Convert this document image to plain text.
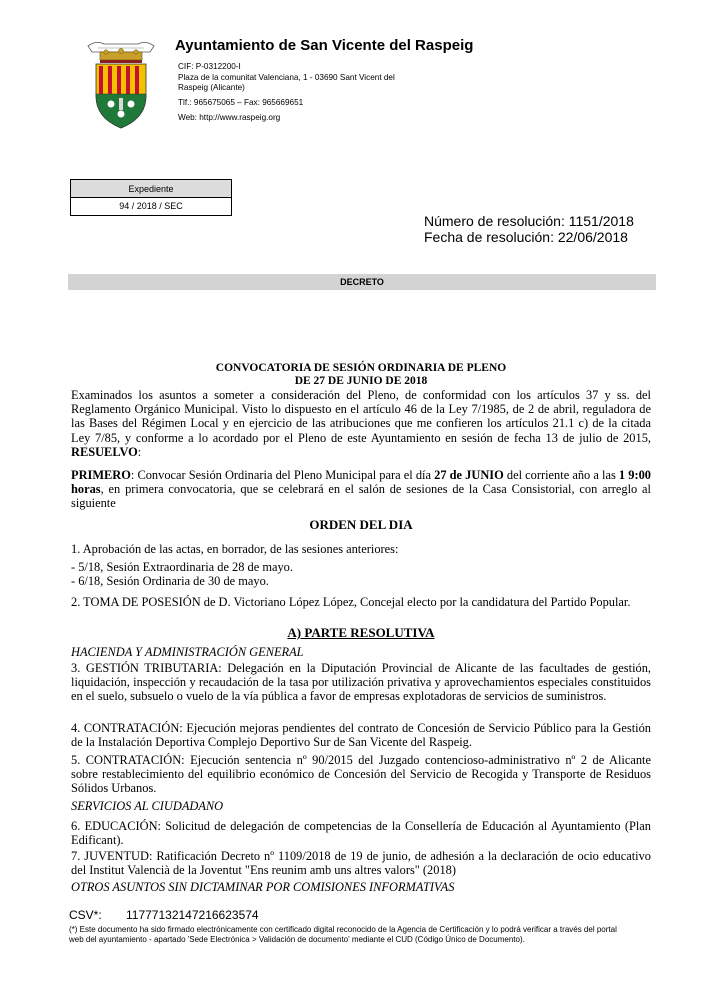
Ayuntamiento de San Vicente del Raspeig
CIF: P-0312200-I
Plaza de la comunitat Valenciana, 1 - 03690 Sant Vicent del
Raspeig (Alicante)
Tlf.: 965675065 – Fax: 965669651
Web: http://www.raspeig.org
Expediente
94 / 2018 / SEC
Número de resolución: 1151/2018
Fecha de resolución: 22/06/2018
DECRETO
CONVOCATORIA DE SESIÓN ORDINARIA DE PLENO
DE 27 DE JUNIO DE 2018
Examinados los asuntos a someter a consideración del Pleno, de conformidad con los artículos 37 y ss. del Reglamento Orgánico Municipal. Visto lo dispuesto en el artículo 46 de la Ley 7/1985, de 2 de abril, reguladora de las Bases del Régimen Local y en ejercicio de las atribuciones que me confieren los artículos 21.1 c) de la citada Ley 7/85, y conforme a lo acordado por el Pleno de este Ayuntamiento en sesión de fecha 13 de julio de 2015, RESUELVO:
PRIMERO: Convocar Sesión Ordinaria del Pleno Municipal para el día 27 de JUNIO del corriente año a las 1 9:00 horas, en primera convocatoria, que se celebrará en el salón de sesiones de la Casa Consistorial, con arreglo al siguiente
ORDEN DEL DIA
1. Aprobación de las actas, en borrador, de las sesiones anteriores:
- 5/18, Sesión Extraordinaria de 28 de mayo.
- 6/18, Sesión Ordinaria de 30 de mayo.
2. TOMA DE POSESIÓN de D. Victoriano López López, Concejal electo por la candidatura del Partido Popular.
A) PARTE RESOLUTIVA
HACIENDA Y ADMINISTRACIÓN GENERAL
3. GESTIÓN TRIBUTARIA: Delegación en la Diputación Provincial de Alicante de las facultades de gestión, liquidación, inspección y recaudación de la tasa por utilización privativa y aprovechamientos especiales constituidos en el suelo, subsuelo o vuelo de la vía pública a favor de empresas explotadoras de servicios de suministros.
4. CONTRATACIÓN: Ejecución mejoras pendientes del contrato de Concesión de Servicio Público para la Gestión de la Instalación Deportiva Complejo Deportivo Sur de San Vicente del Raspeig.
5. CONTRATACIÓN: Ejecución sentencia nº 90/2015 del Juzgado contencioso-administrativo nº 2 de Alicante sobre restablecimiento del equilibrio económico de Concesión del Servicio de Recogida y Transporte de Residuos Sólidos Urbanos.
SERVICIOS AL CIUDADANO
6. EDUCACIÓN: Solicitud de delegación de competencias de la Consellería de Educación al Ayuntamiento (Plan Edificant).
7. JUVENTUD: Ratificación Decreto nº 1109/2018 de 19 de junio, de adhesión a la declaración de ocio educativo del Institut Valencià de la Joventut "Ens reunim amb uns altres valors" (2018)
OTROS ASUNTOS SIN DICTAMINAR POR COMISIONES INFORMATIVAS
CSV*: 11777132147216623574
(*) Este documento ha sido firmado electrónicamente con certificado digital reconocido de la Agencia de Certificación y lo podrá verificar a través del portal
web del ayuntamiento - apartado 'Sede Electrónica > Validación de documento' mediante el CUD (Código Único de Documento).
